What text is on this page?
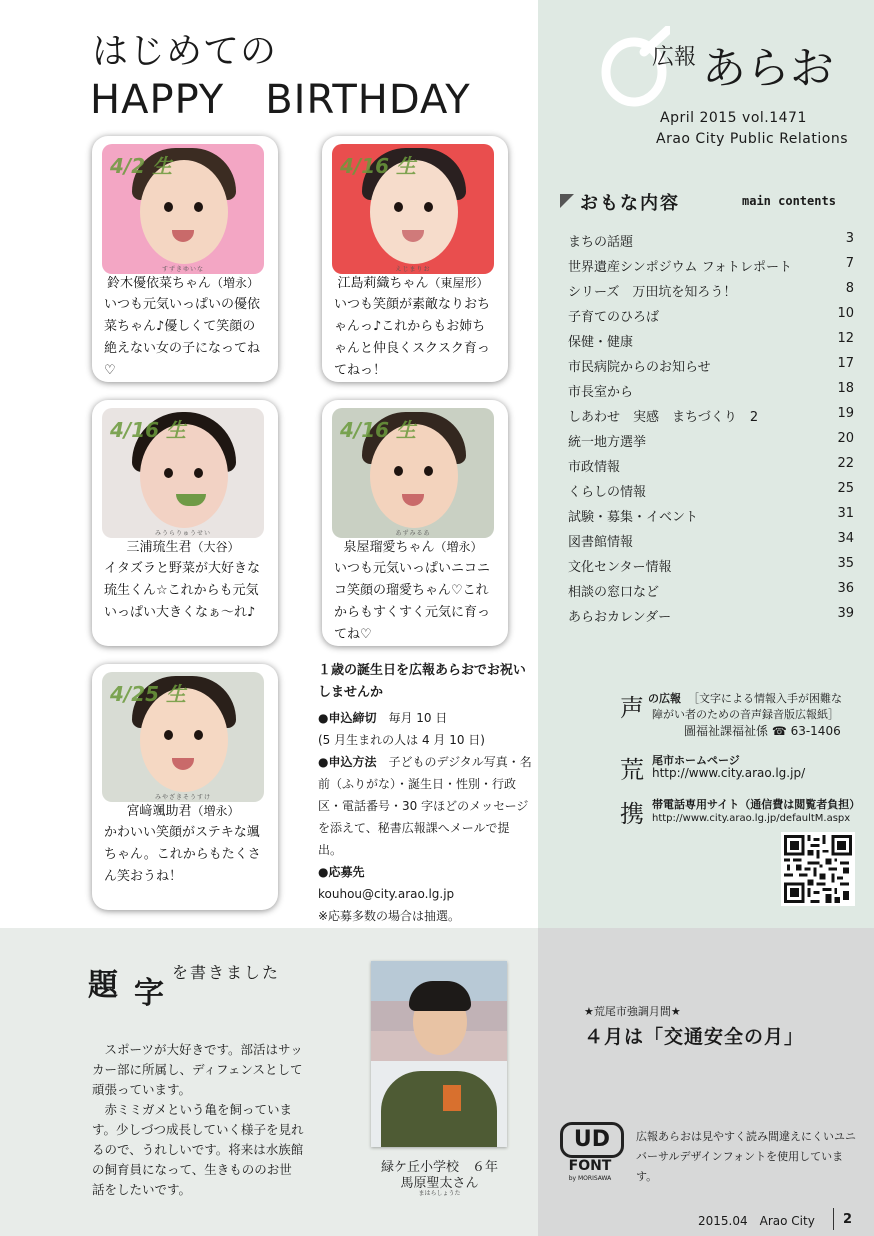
はじめての
HAPPY　BIRTHDAY
4/2 生
すずきゆいな
鈴木優依菜ちゃん（増永）
いつも元気いっぱいの優依菜ちゃん♪優しくて笑顔の絶えない女の子になってね♡
4/16 生
えじまりお
江島莉織ちゃん（東屋形）
いつも笑顔が素敵なりおちゃんっ♪これからもお姉ちゃんと仲良くスクスク育ってねっ！
4/16 生
みうらりゅうせい
三浦琉生君（大谷）
イタズラと野菜が大好きな琉生くん☆これからも元気いっぱい大きくなぁ〜れ♪
4/16 生
あずみるあ
泉屋瑠愛ちゃん（増永）
いつも元気いっぱいニコニコ笑顔の瑠愛ちゃん♡これからもすくすく元気に育ってね♡
4/25 生
みやざきそうすけ
宮﨑颯助君（増永）
かわいい笑顔がステキな颯ちゃん。これからもたくさん笑おうね！
１歳の誕生日を広報あらおでお祝いしませんか
●申込締切　毎月 10 日
(5 月生まれの人は 4 月 10 日)
●申込方法　子どものデジタル写真・名前（ふりがな）・誕生日・性別・行政区・電話番号・30 字ほどのメッセージを添えて、秘書広報課へメールで提出。
●応募先
kouhou@city.arao.lg.jp
※応募多数の場合は抽選。
広報 あらお
April 2015 vol.1471
Arao City Public Relations
おもな内容	main contents
まちの話題	3
世界遺産シンポジウム フォトレポート	7
シリーズ　万田坑を知ろう！	8
子育てのひろば	10
保健・健康	12
市民病院からのお知らせ	17
市長室から	18
しあわせ　実感　まちづくり　2	19
統一地方選挙	20
市政情報	22
くらしの情報	25
試験・募集・イベント	31
図書館情報	34
文化センター情報	35
相談の窓口など	36
あらおカレンダー	39
声 の広報 ［文字による情報入手が困難な
障がい者のための音声録音版広報紙］
圖福祉課福祉係 ☎ 63-1406
荒 尾市ホームページ
http://www.city.arao.lg.jp/
携 帯電話専用サイト（通信費は閲覧者負担）
http://www.city.arao.lg.jp/defaultM.aspx
題 字
を書きました
　スポーツが大好きです。部活はサッカー部に所属し、ディフェンスとして頑張っています。
　赤ミミガメという亀を飼っています。少しづつ成長していく様子を見れるので、うれしいです。将来は水族館の飼育員になって、生きもののお世話をしたいです。
緑ケ丘小学校　６年
馬原聖太さん
まはらしょうた
★荒尾市強調月間★
４月は「交通安全の月」
UD
FONT
by MORISAWA
広報あらおは見やすく読み間違えにくいユニバーサルデザインフォントを使用しています。
2015.04　Arao City 2
